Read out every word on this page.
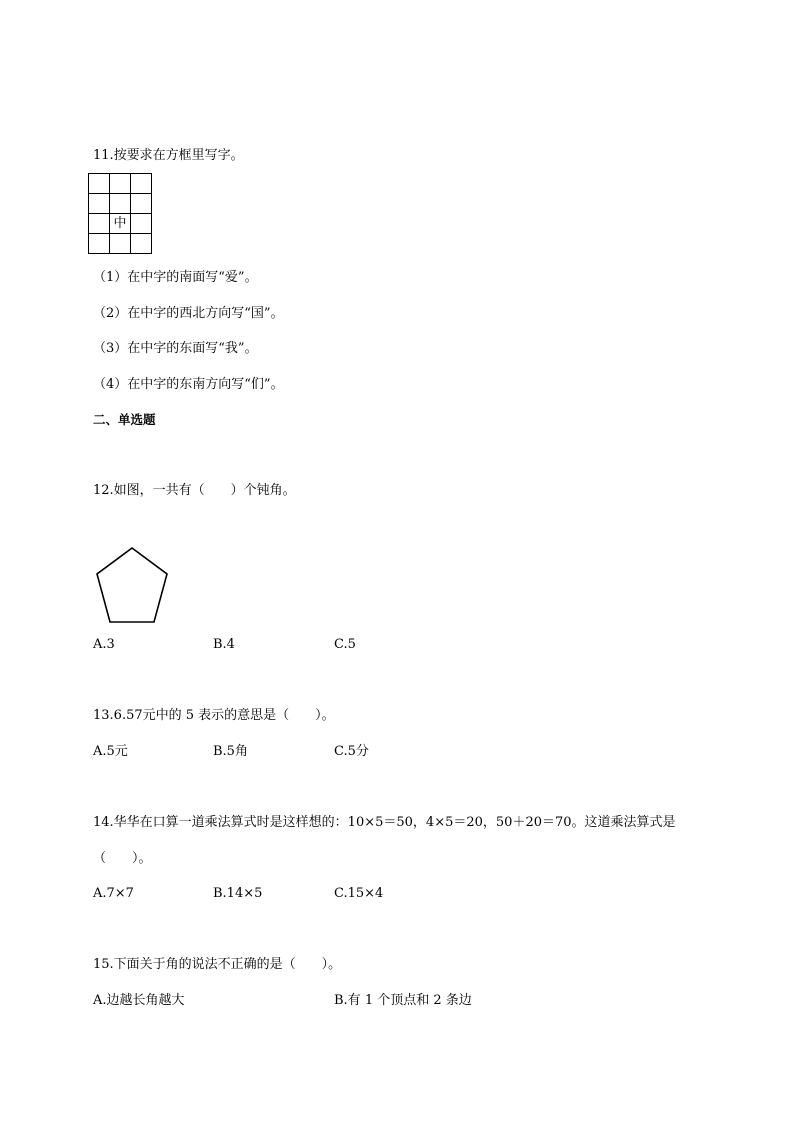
11.按要求在方框里写字。

	中	

（1）在中字的南面写“爱”。
（2）在中字的西北方向写“国”。
（3）在中字的东面写“我”。
（4）在中字的东南方向写“们”。
二、单选题
12.如图，一共有（　　）个钝角。
A.3	B.4	C.5
13.6.57元中的 5 表示的意思是（　　）。
A.5元	B.5角	C.5分
14.华华在口算一道乘法算式时是这样想的：10×5＝50，4×5＝20，50＋20＝70。这道乘法算式是
（　　）。
A.7×7	B.14×5	C.15×4
15.下面关于角的说法不正确的是（　　）。
A.边越长角越大	B.有 1 个顶点和 2 条边
